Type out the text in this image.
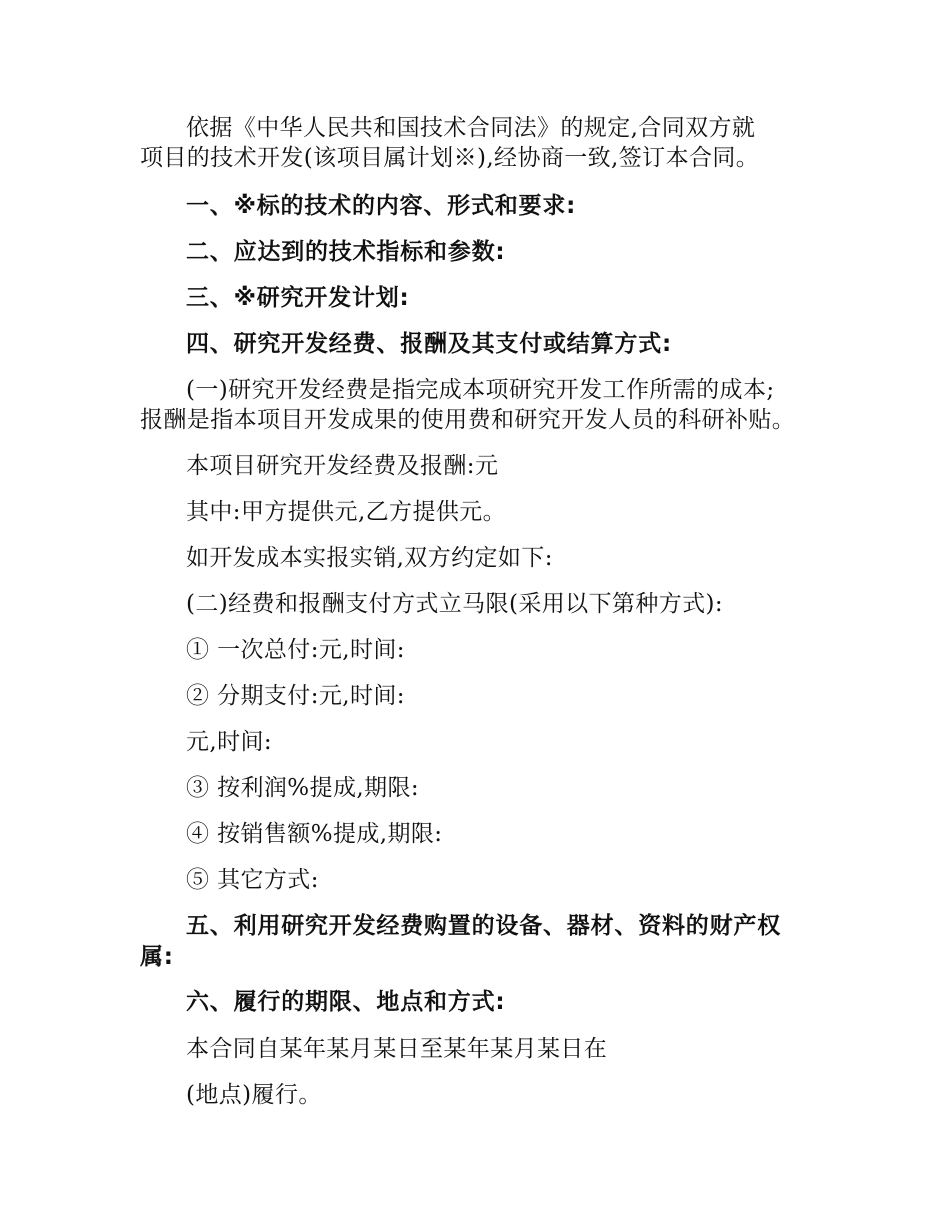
依据《中华人民共和国技术合同法》的规定,合同双方就
项目的技术开发(该项目属计划※),经协商一致,签订本合同。
一、※标的技术的内容、形式和要求:
二、应达到的技术指标和参数:
三、※研究开发计划:
四、研究开发经费、报酬及其支付或结算方式:
(一)研究开发经费是指完成本项研究开发工作所需的成本;
报酬是指本项目开发成果的使用费和研究开发人员的科研补贴。
本项目研究开发经费及报酬:元
其中:甲方提供元,乙方提供元。
如开发成本实报实销,双方约定如下:
(二)经费和报酬支付方式立马限(采用以下第种方式):
① 一次总付:元,时间:
② 分期支付:元,时间:
元,时间:
③ 按利润%提成,期限:
④ 按销售额%提成,期限:
⑤ 其它方式:
五、利用研究开发经费购置的设备、器材、资料的财产权
属:
六、履行的期限、地点和方式:
本合同自某年某月某日至某年某月某日在
(地点)履行。
